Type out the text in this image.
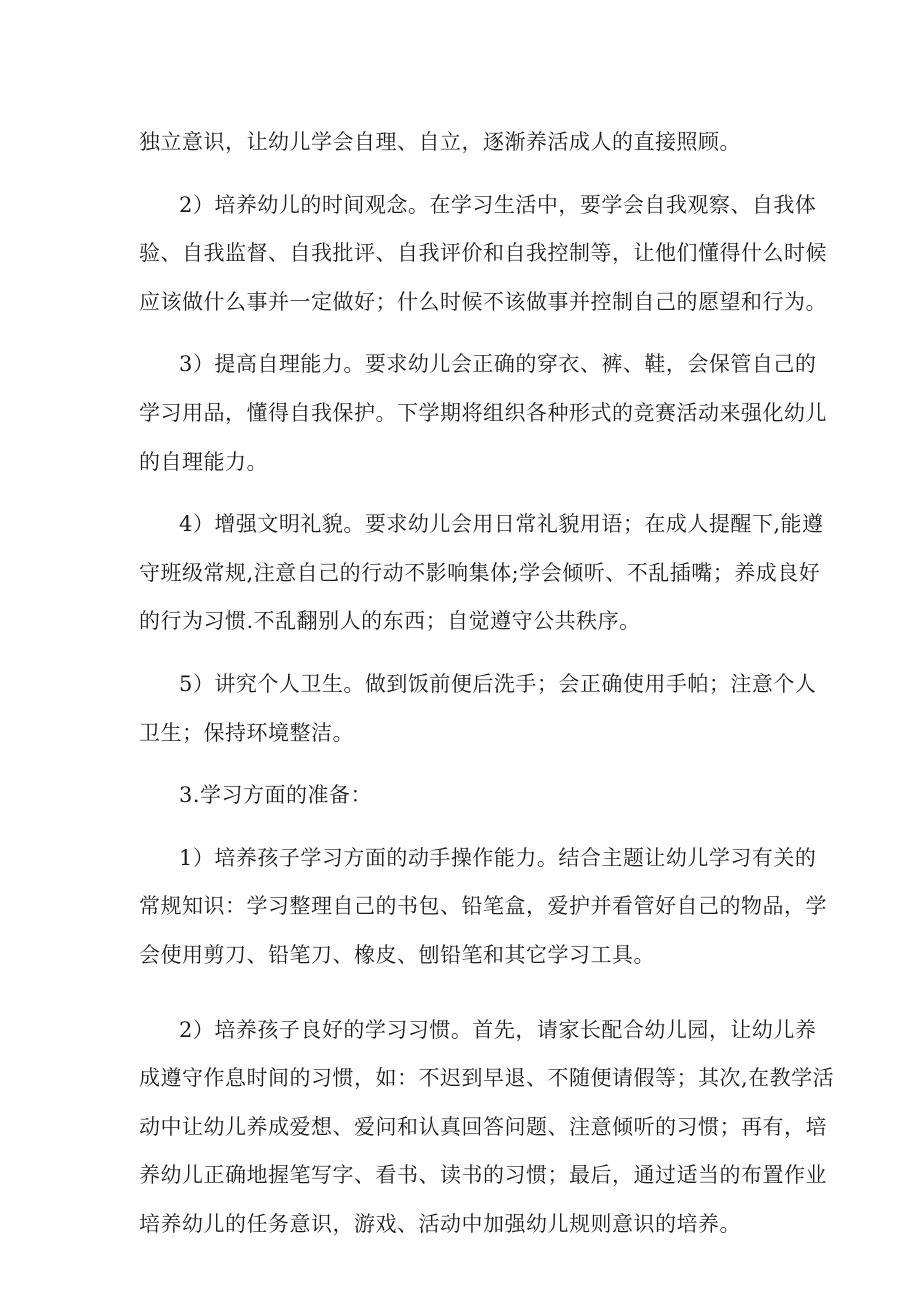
独立意识，让幼儿学会自理、自立，逐渐养活成人的直接照顾。

2）培养幼儿的时间观念。在学习生活中，要学会自我观察、自我体
验、自我监督、自我批评、自我评价和自我控制等，让他们懂得什么时候
应该做什么事并一定做好；什么时候不该做事并控制自己的愿望和行为。

3）提高自理能力。要求幼儿会正确的穿衣、裤、鞋，会保管自己的
学习用品，懂得自我保护。下学期将组织各种形式的竞赛活动来强化幼儿
的自理能力。

4）增强文明礼貌。要求幼儿会用日常礼貌用语；在成人提醒下,能遵
守班级常规,注意自己的行动不影响集体;学会倾听、不乱插嘴；养成良好
的行为习惯.不乱翻别人的东西；自觉遵守公共秩序。

5）讲究个人卫生。做到饭前便后洗手；会正确使用手帕；注意个人
卫生；保持环境整洁。

3.学习方面的准备：

1）培养孩子学习方面的动手操作能力。结合主题让幼儿学习有关的
常规知识：学习整理自己的书包、铅笔盒，爱护并看管好自己的物品，学
会使用剪刀、铅笔刀、橡皮、刨铅笔和其它学习工具。

2）培养孩子良好的学习习惯。首先，请家长配合幼儿园，让幼儿养
成遵守作息时间的习惯，如：不迟到早退、不随便请假等；其次,在教学活
动中让幼儿养成爱想、爱问和认真回答问题、注意倾听的习惯；再有，培
养幼儿正确地握笔写字、看书、读书的习惯；最后，通过适当的布置作业
培养幼儿的任务意识，游戏、活动中加强幼儿规则意识的培养。
